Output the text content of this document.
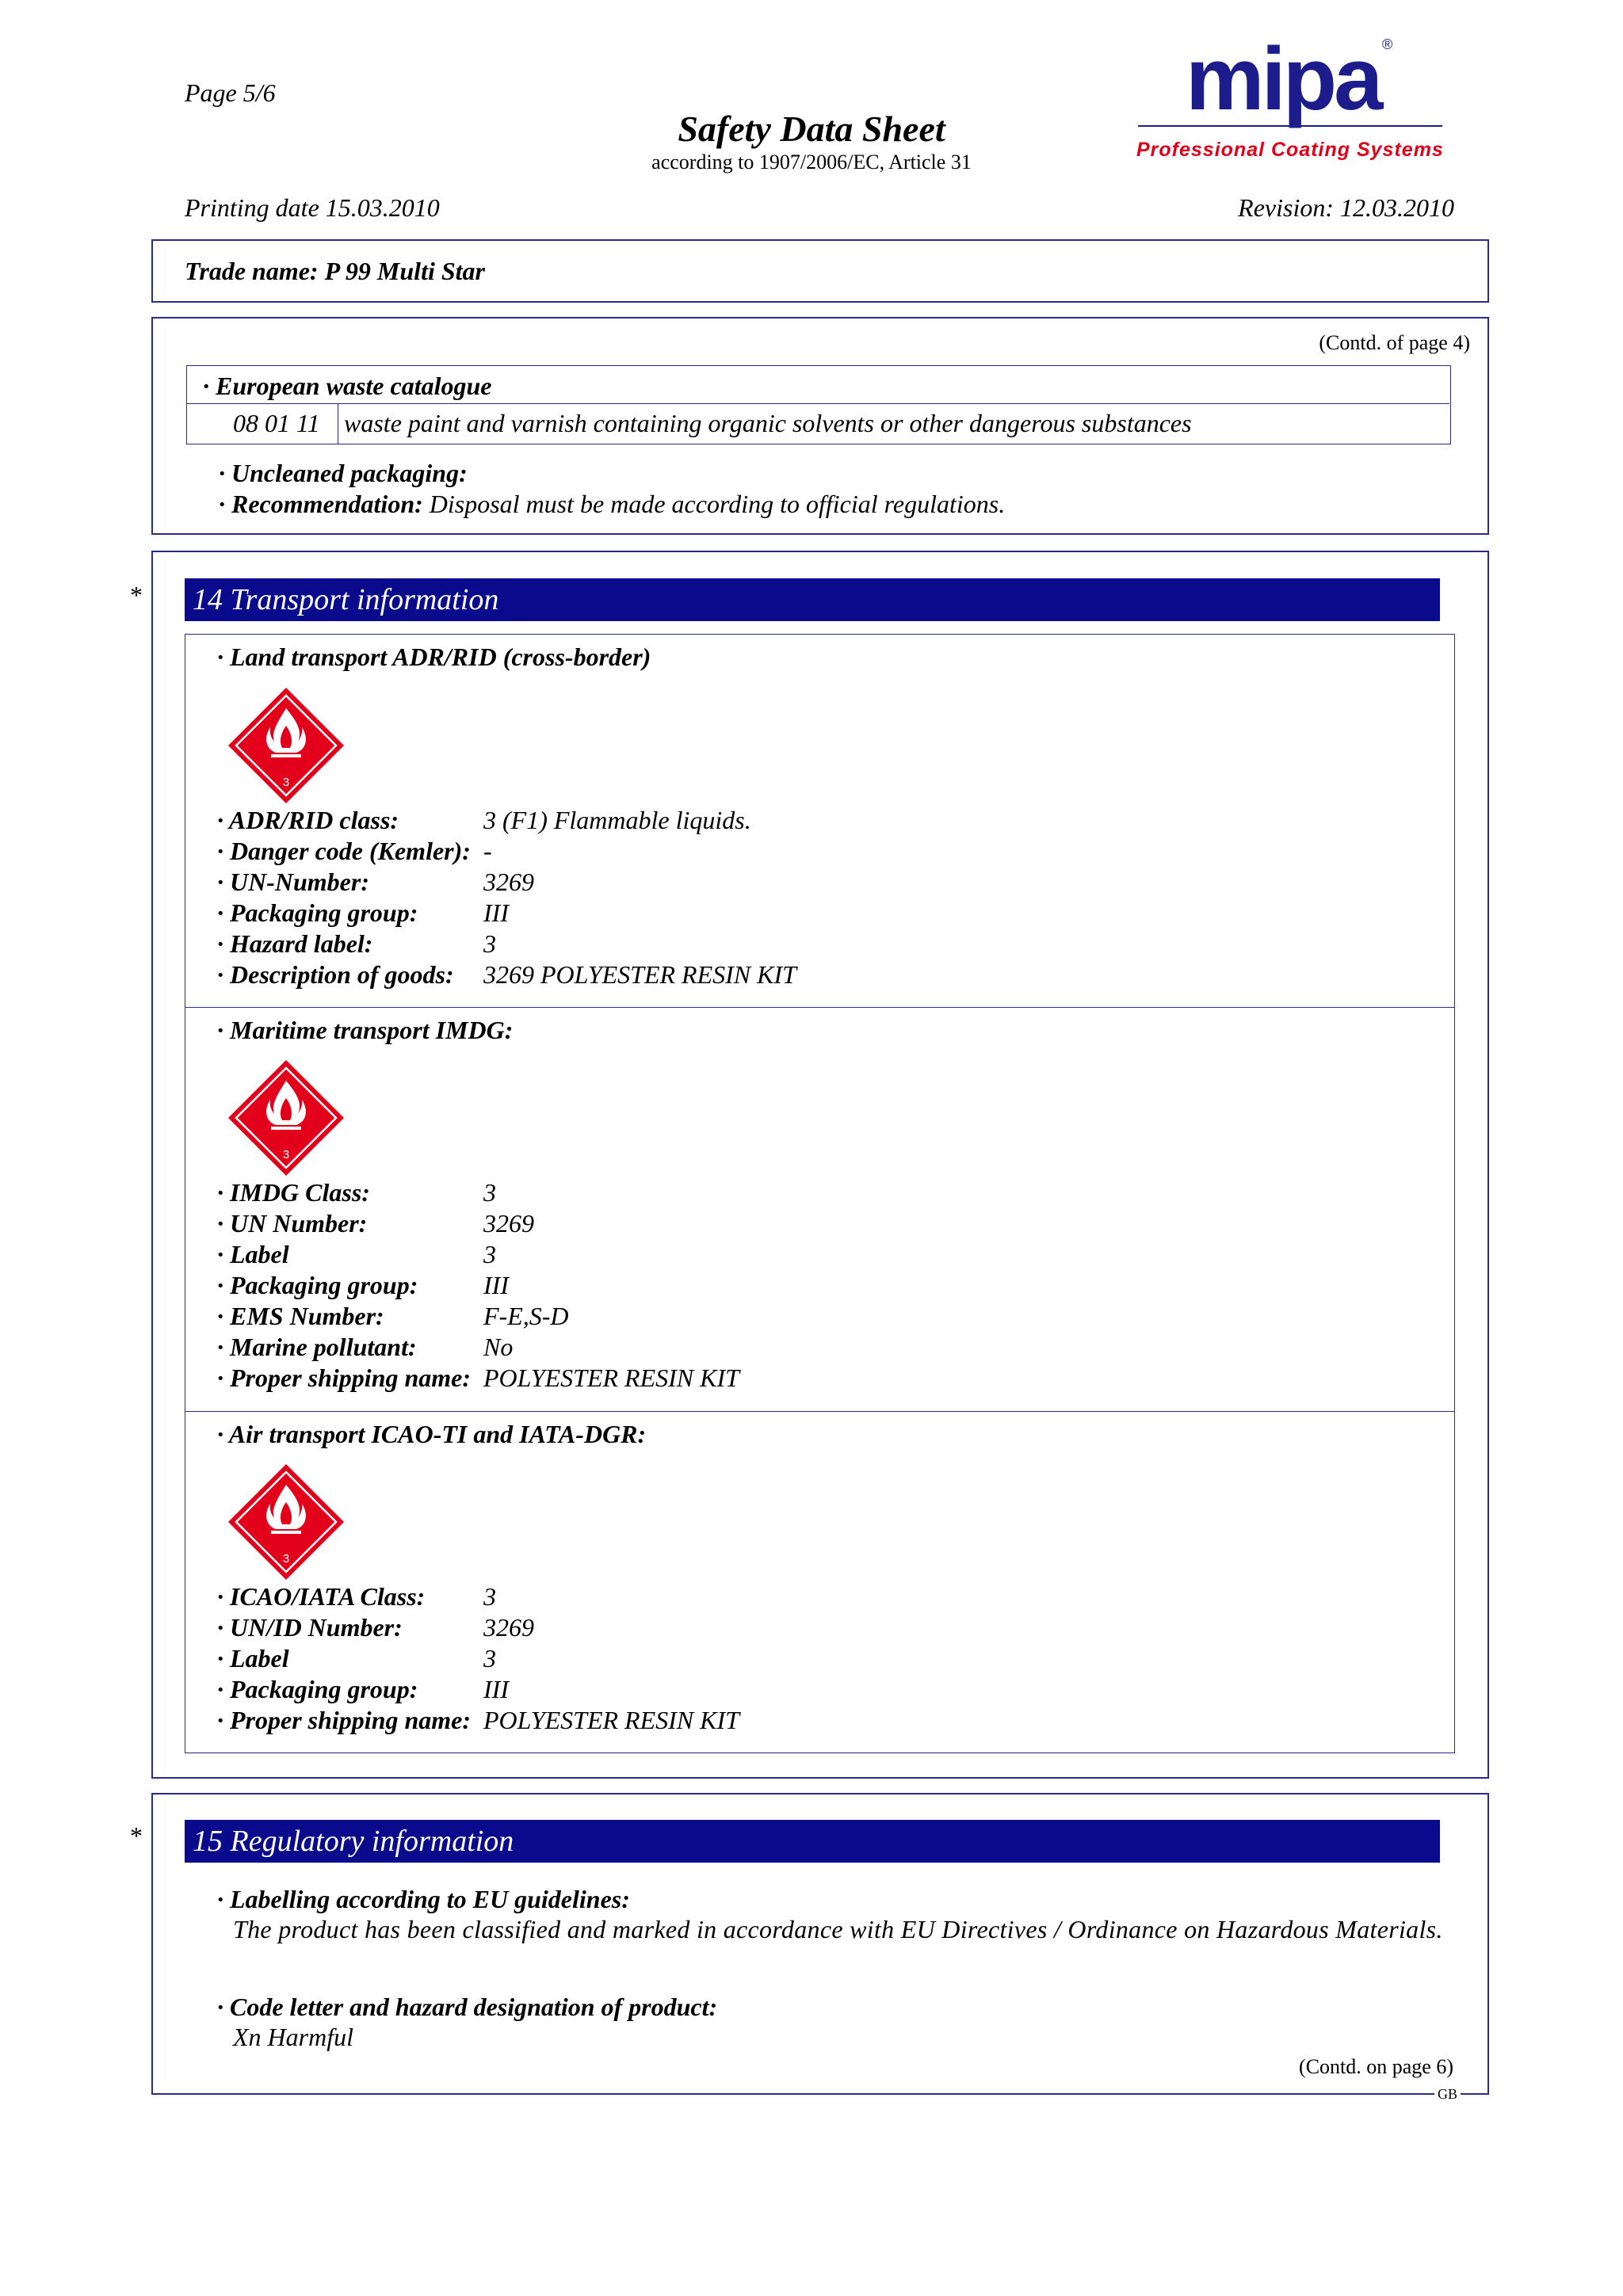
Page 5/6
Safety Data Sheet
according to 1907/2006/EC, Article 31
Printing date 15.03.2010	Revision: 12.03.2010
mipa ®
Professional Coating Systems
Trade name: P 99 Multi Star
(Contd. of page 4)
· European waste catalogue
08 01 11 waste paint and varnish containing organic solvents or other dangerous substances
· Uncleaned packaging:
· Recommendation: Disposal must be made according to official regulations.
* 14 Transport information
· Land transport ADR/RID (cross-border)
3
· ADR/RID class:	3 (F1) Flammable liquids.
· Danger code (Kemler): -
· UN-Number:	3269
· Packaging group:	III
· Hazard label:	3
· Description of goods: 3269 POLYESTER RESIN KIT
· Maritime transport IMDG:
3
· IMDG Class:	3
· UN Number:	3269
· Label	3
· Packaging group:	III
· EMS Number:	F-E,S-D
· Marine pollutant:	No
· Proper shipping name: POLYESTER RESIN KIT
· Air transport ICAO-TI and IATA-DGR:
3
· ICAO/IATA Class: 3
· UN/ID Number:	3269
· Label	3
· Packaging group:	III
· Proper shipping name: POLYESTER RESIN KIT
* 15 Regulatory information
· Labelling according to EU guidelines:
The product has been classified and marked in accordance with EU Directives / Ordinance on Hazardous Materials.
· Code letter and hazard designation of product:
Xn Harmful
(Contd. on page 6)
GB
